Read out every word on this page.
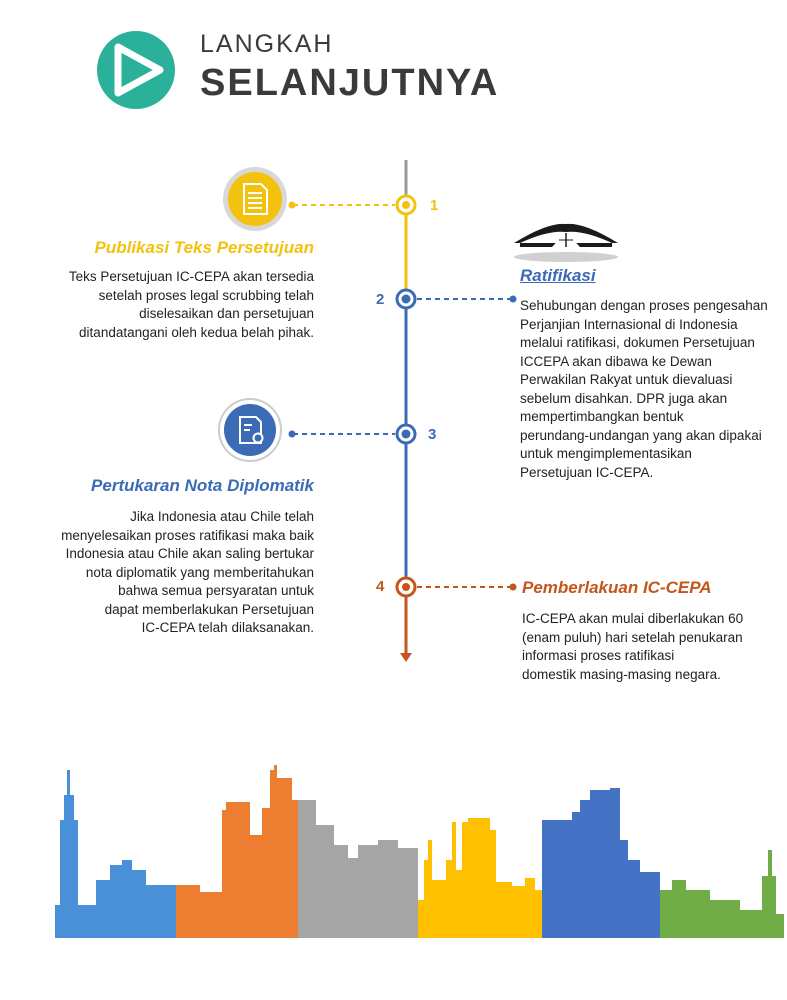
LANGKAH
SELANJUTNYA
1
2
3
4
Publikasi Teks Persetujuan
Teks Persetujuan IC-CEPA akan tersedia
setelah proses legal scrubbing telah
diselesaikan dan persetujuan
ditandatangani oleh kedua belah pihak.
Ratifikasi
Sehubungan dengan proses pengesahan
Perjanjian Internasional di Indonesia
melalui ratifikasi, dokumen Persetujuan
ICCEPA akan dibawa ke Dewan
Perwakilan Rakyat untuk dievaluasi
sebelum disahkan. DPR juga akan
mempertimbangkan bentuk
perundang-undangan yang akan dipakai
untuk mengimplementasikan
Persetujuan IC-CEPA.
Pertukaran Nota Diplomatik
Jika Indonesia atau Chile telah
menyelesaikan proses ratifikasi maka baik
Indonesia atau Chile akan saling bertukar
nota diplomatik yang memberitahukan
bahwa semua persyaratan untuk
dapat memberlakukan Persetujuan
IC-CEPA telah dilaksanakan.
Pemberlakuan IC-CEPA
IC-CEPA akan mulai diberlakukan 60
(enam puluh) hari setelah penukaran
informasi proses ratifikasi
domestik masing-masing negara.
